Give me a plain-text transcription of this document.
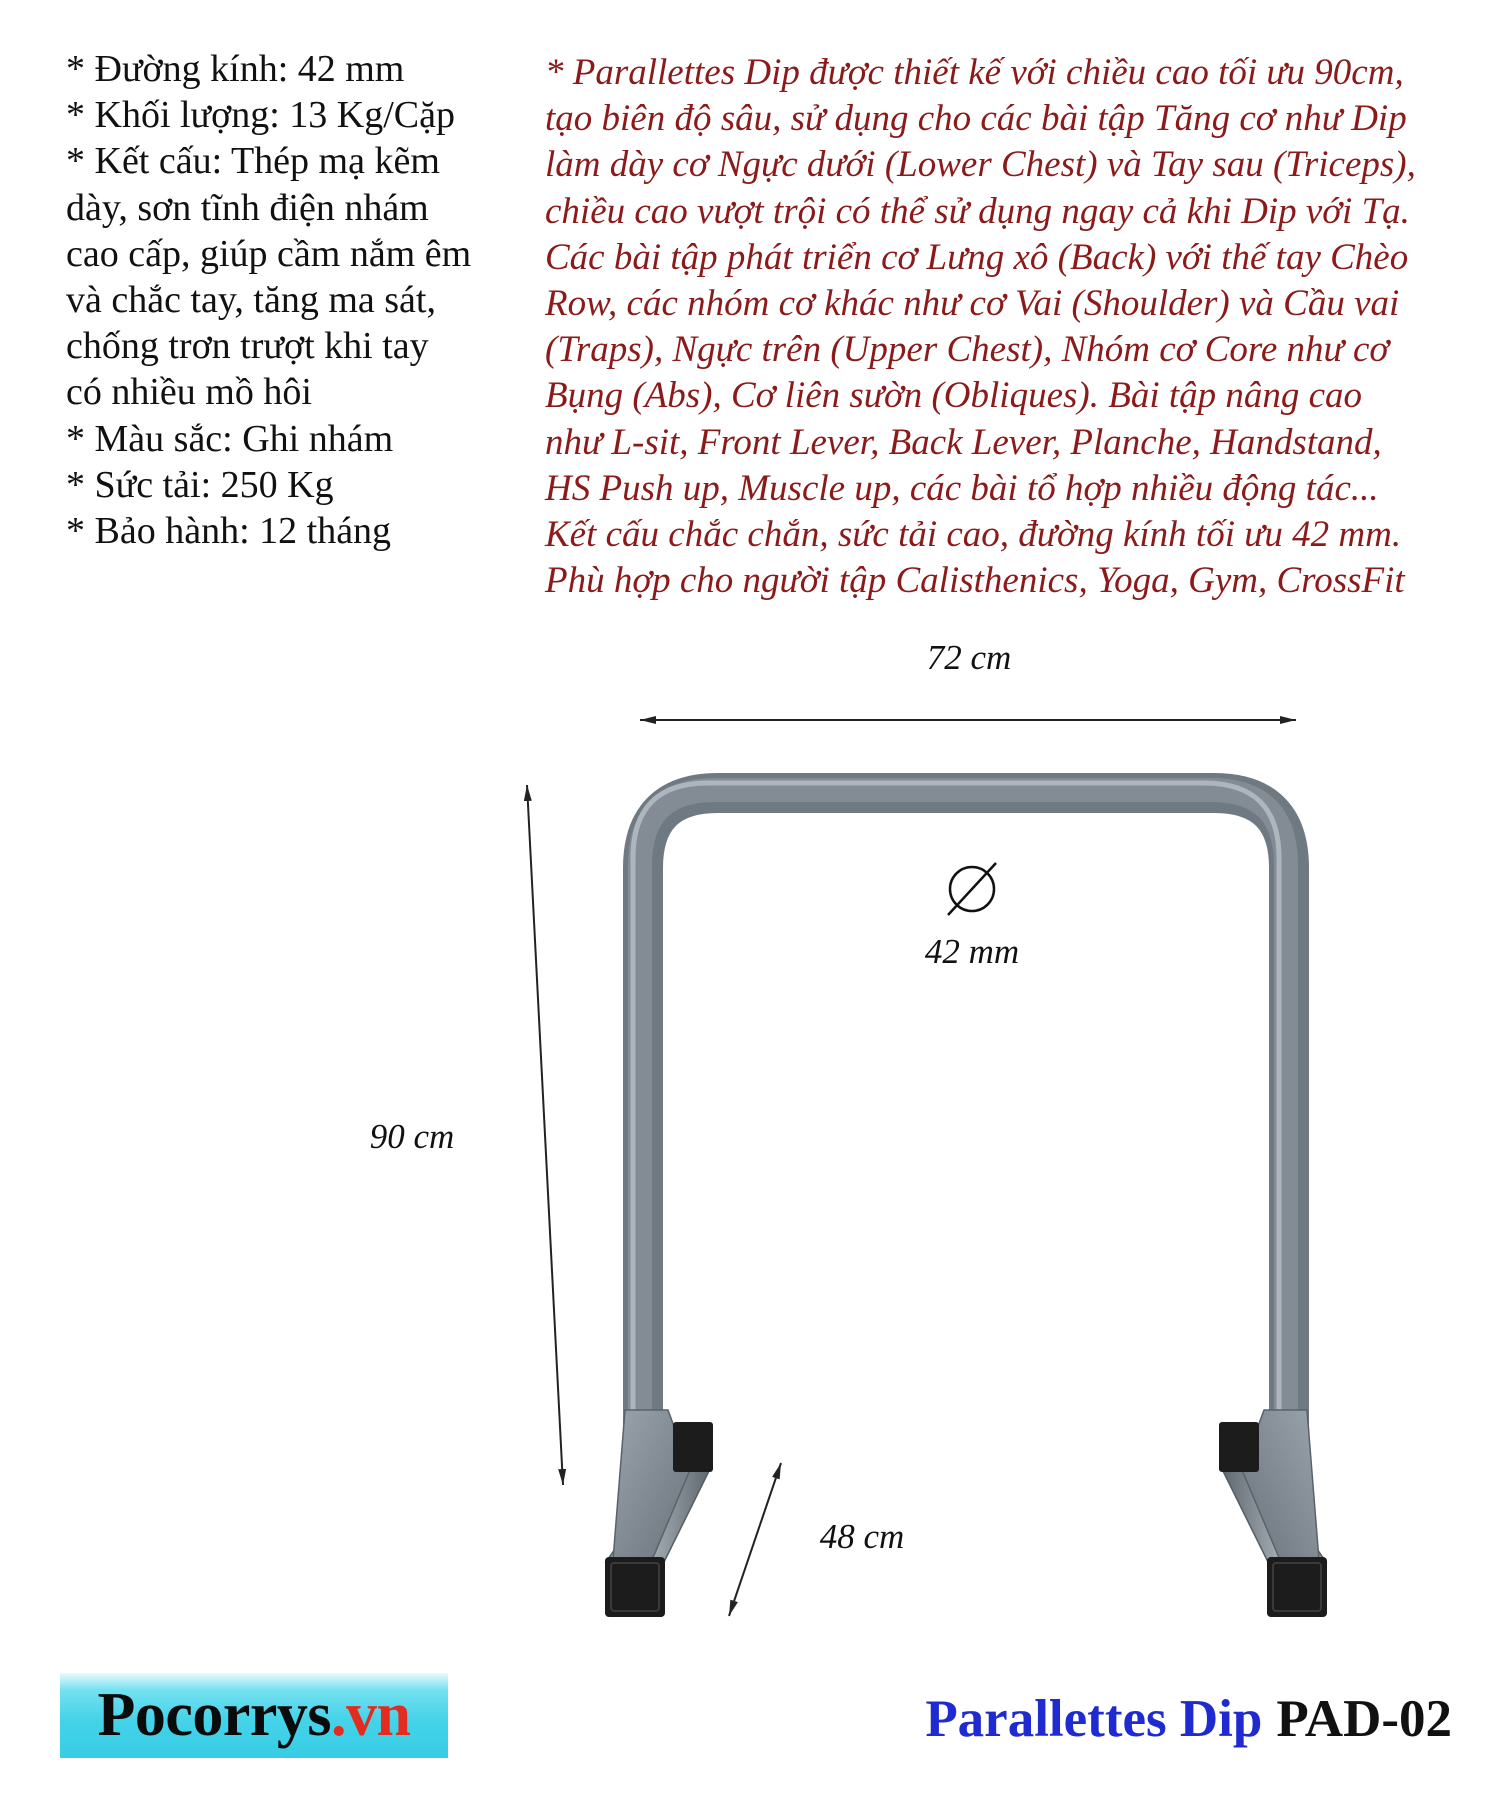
* Đường kính: 42 mm
* Khối lượng: 13 Kg/Cặp
* Kết cấu: Thép mạ kẽm
dày, sơn tĩnh điện nhám
cao cấp, giúp cầm nắm êm
và chắc tay, tăng ma sát,
chống trơn trượt khi tay
có nhiều mồ hôi
* Màu sắc: Ghi nhám
* Sức tải: 250 Kg
* Bảo hành: 12 tháng
* Parallettes Dip được thiết kế với chiều cao tối ưu 90cm,
tạo biên độ sâu, sử dụng cho các bài tập Tăng cơ như Dip
làm dày cơ Ngực dưới (Lower Chest) và Tay sau (Triceps),
chiều cao vượt trội có thể sử dụng ngay cả khi Dip với Tạ.
Các bài tập phát triển cơ Lưng xô (Back) với thế tay Chèo
Row, các nhóm cơ khác như cơ Vai (Shoulder) và Cầu vai
(Traps), Ngực trên (Upper Chest), Nhóm cơ Core như cơ
Bụng (Abs), Cơ liên sườn (Obliques). Bài tập nâng cao
như L-sit, Front Lever, Back Lever, Planche, Handstand,
HS Push up, Muscle up, các bài tổ hợp nhiều động tác...
Kết cấu chắc chắn, sức tải cao, đường kính tối ưu 42 mm.
Phù hợp cho người tập Calisthenics, Yoga, Gym, CrossFit
72 cm
42 mm
90 cm
48 cm
Pocorrys .vn	Parallettes Dip PAD-02
